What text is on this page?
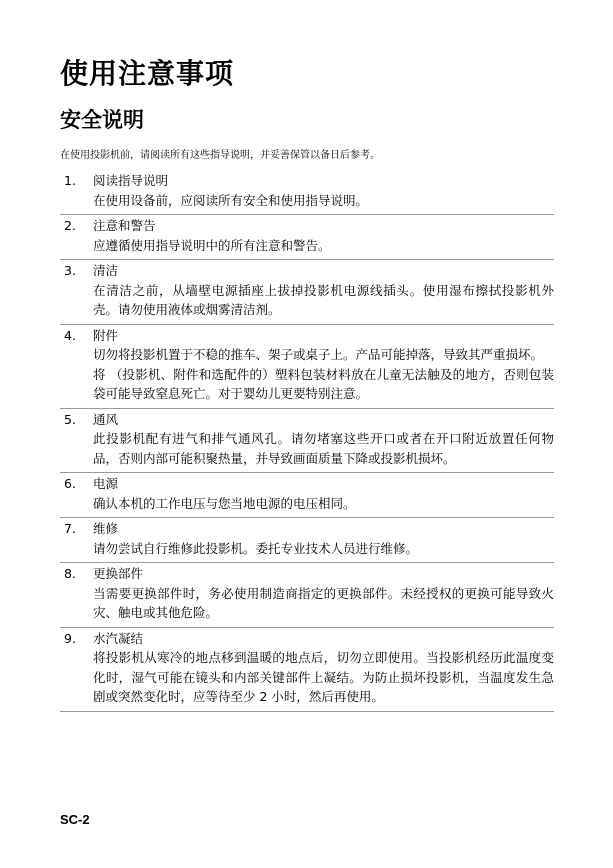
使用注意事项
安全说明

在使用投影机前，请阅读所有这些指导说明，并妥善保管以备日后参考。

1.	阅读指导说明
在使用设备前，应阅读所有安全和使用指导说明。
2.	注意和警告
应遵循使用指导说明中的所有注意和警告。
3.	清洁
在清洁之前，从墙壁电源插座上拔掉投影机电源线插头。使用湿布擦拭投影机外壳。请勿使用液体或烟雾清洁剂。
4.	附件
切勿将投影机置于不稳的推车、架子或桌子上。产品可能掉落，导致其严重损坏。
将 （投影机、附件和选配件的）塑料包装材料放在儿童无法触及的地方，否则包装袋可能导致窒息死亡。对于婴幼儿更要特别注意。
5.	通风
此投影机配有进气和排气通风孔。请勿堵塞这些开口或者在开口附近放置任何物品，否则内部可能积聚热量，并导致画面质量下降或投影机损坏。
6.	电源
确认本机的工作电压与您当地电源的电压相同。
7.	维修
请勿尝试自行维修此投影机。委托专业技术人员进行维修。
8.	更换部件
当需要更换部件时，务必使用制造商指定的更换部件。未经授权的更换可能导致火灾、触电或其他危险。
9.	水汽凝结
将投影机从寒冷的地点移到温暖的地点后，切勿立即使用。当投影机经历此温度变化时，湿气可能在镜头和内部关键部件上凝结。为防止损坏投影机，当温度发生急剧或突然变化时，应等待至少 2 小时，然后再使用。

SC-2
